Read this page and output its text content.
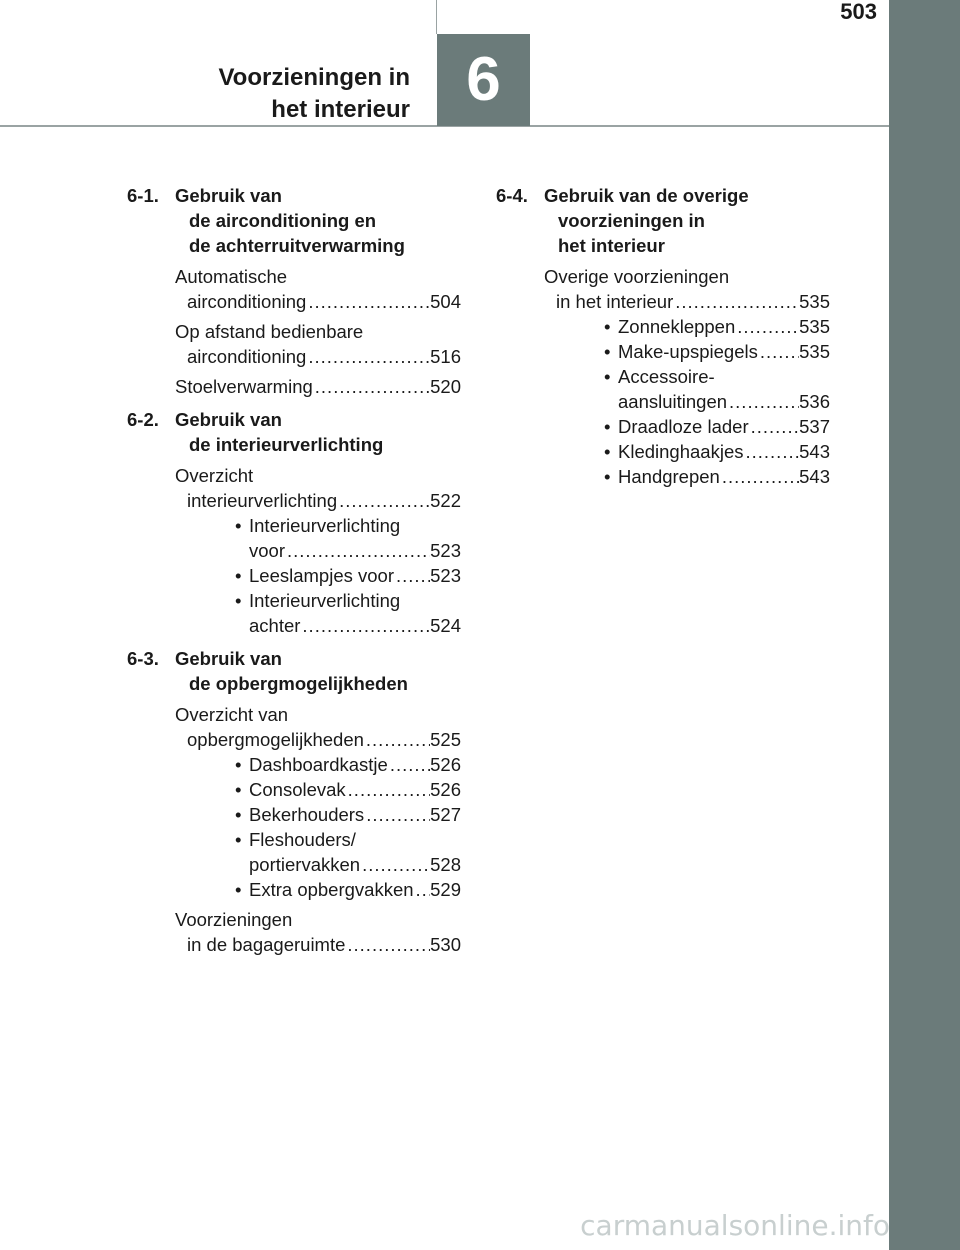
503
Voorzieningen in
het interieur 6
6-1. Gebruik van
de airconditioning en
de achterruitverwarming
Automatische
airconditioning .....	504
Op afstand bedienbare
airconditioning .....	516
Stoelverwarming .....	520
6-2. Gebruik van
de interieurverlichting
Overzicht
interieurverlichting .....	522
• Interieurverlichting
voor .....	523
• Leeslampjes voor ..... 523
• Interieurverlichting
achter .....	524
6-3. Gebruik van
de opbergmogelijkheden
Overzicht van
opbergmogelijkheden .....	525
• Dashboardkastje ..... 526
• Consolevak .....	526
• Bekerhouders .....	527
• Fleshouders/
portiervakken .....	528
• Extra opbergvakken ..... 529
Voorzieningen
in de bagageruimte .....	530
6-4. Gebruik van de overige
voorzieningen in
het interieur
Overige voorzieningen
in het interieur .....	535
• Zonnekleppen .....	535
• Make-upspiegels ..... 535
• Accessoire-
aansluitingen .....	536
• Draadloze lader .....	537
• Kledinghaakjes .....	543
• Handgrepen .....	543
carmanualsonline.info
